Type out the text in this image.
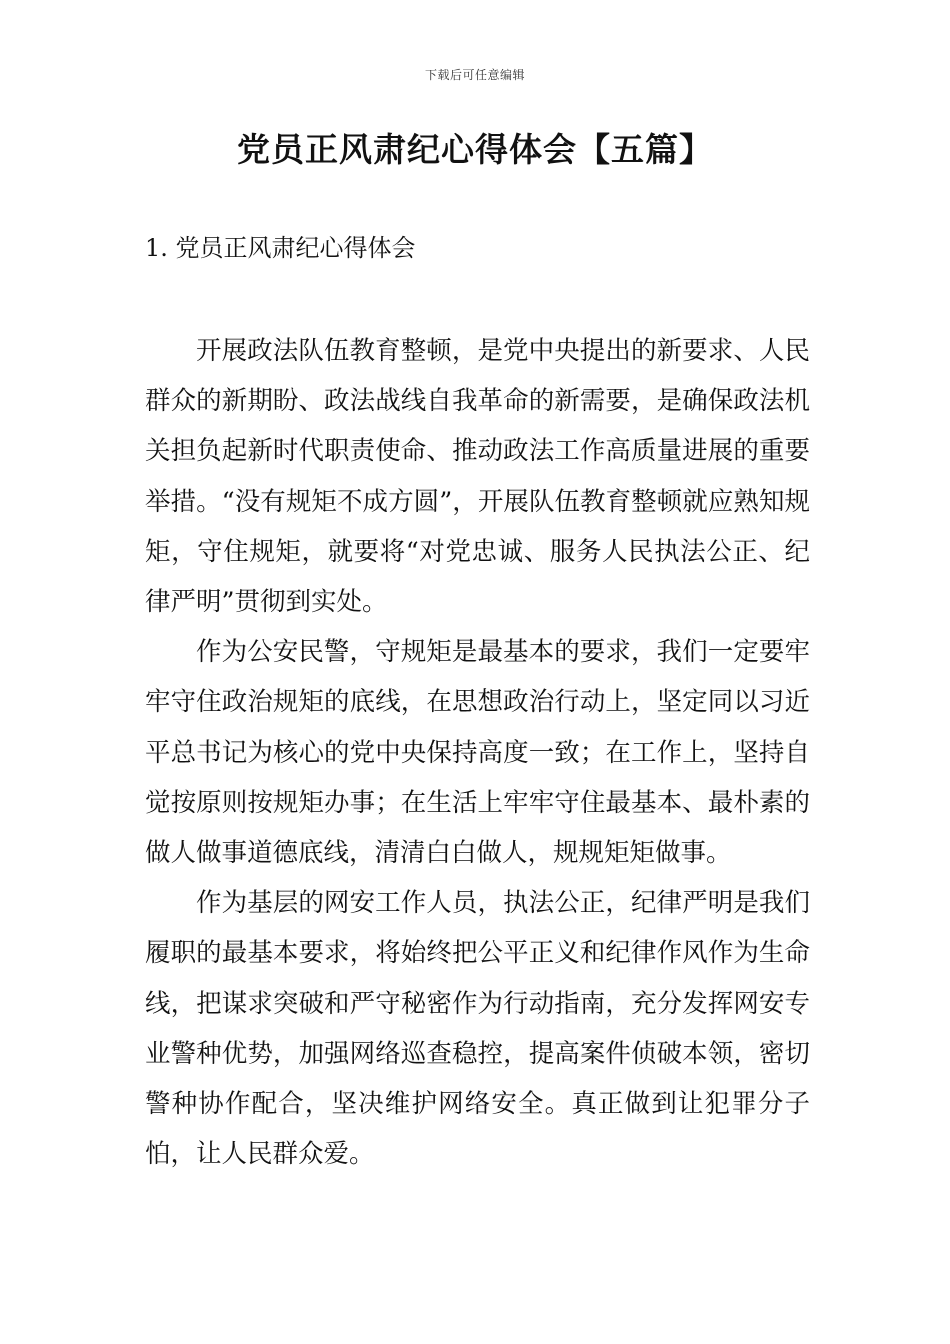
下载后可任意编辑
党员正风肃纪心得体会【五篇】
1. 党员正风肃纪心得体会

开展政法队伍教育整顿，是党中央提出的新要求、人民群众的新期盼、政法战线自我革命的新需要，是确保政法机关担负起新时代职责使命、推动政法工作高质量进展的重要举措。“没有规矩不成方圆”，开展队伍教育整顿就应熟知规矩，守住规矩，就要将“对党忠诚、服务人民执法公正、纪律严明”贯彻到实处。

作为公安民警，守规矩是最基本的要求，我们一定要牢牢守住政治规矩的底线，在思想政治行动上，坚定同以习近平总书记为核心的党中央保持高度一致；在工作上，坚持自觉按原则按规矩办事；在生活上牢牢守住最基本、最朴素的做人做事道德底线，清清白白做人，规规矩矩做事。

作为基层的网安工作人员，执法公正，纪律严明是我们履职的最基本要求，将始终把公平正义和纪律作风作为生命线，把谋求突破和严守秘密作为行动指南，充分发挥网安专业警种优势，加强网络巡查稳控，提高案件侦破本领，密切警种协作配合，坚决维护网络安全。真正做到让犯罪分子怕，让人民群众爱。
